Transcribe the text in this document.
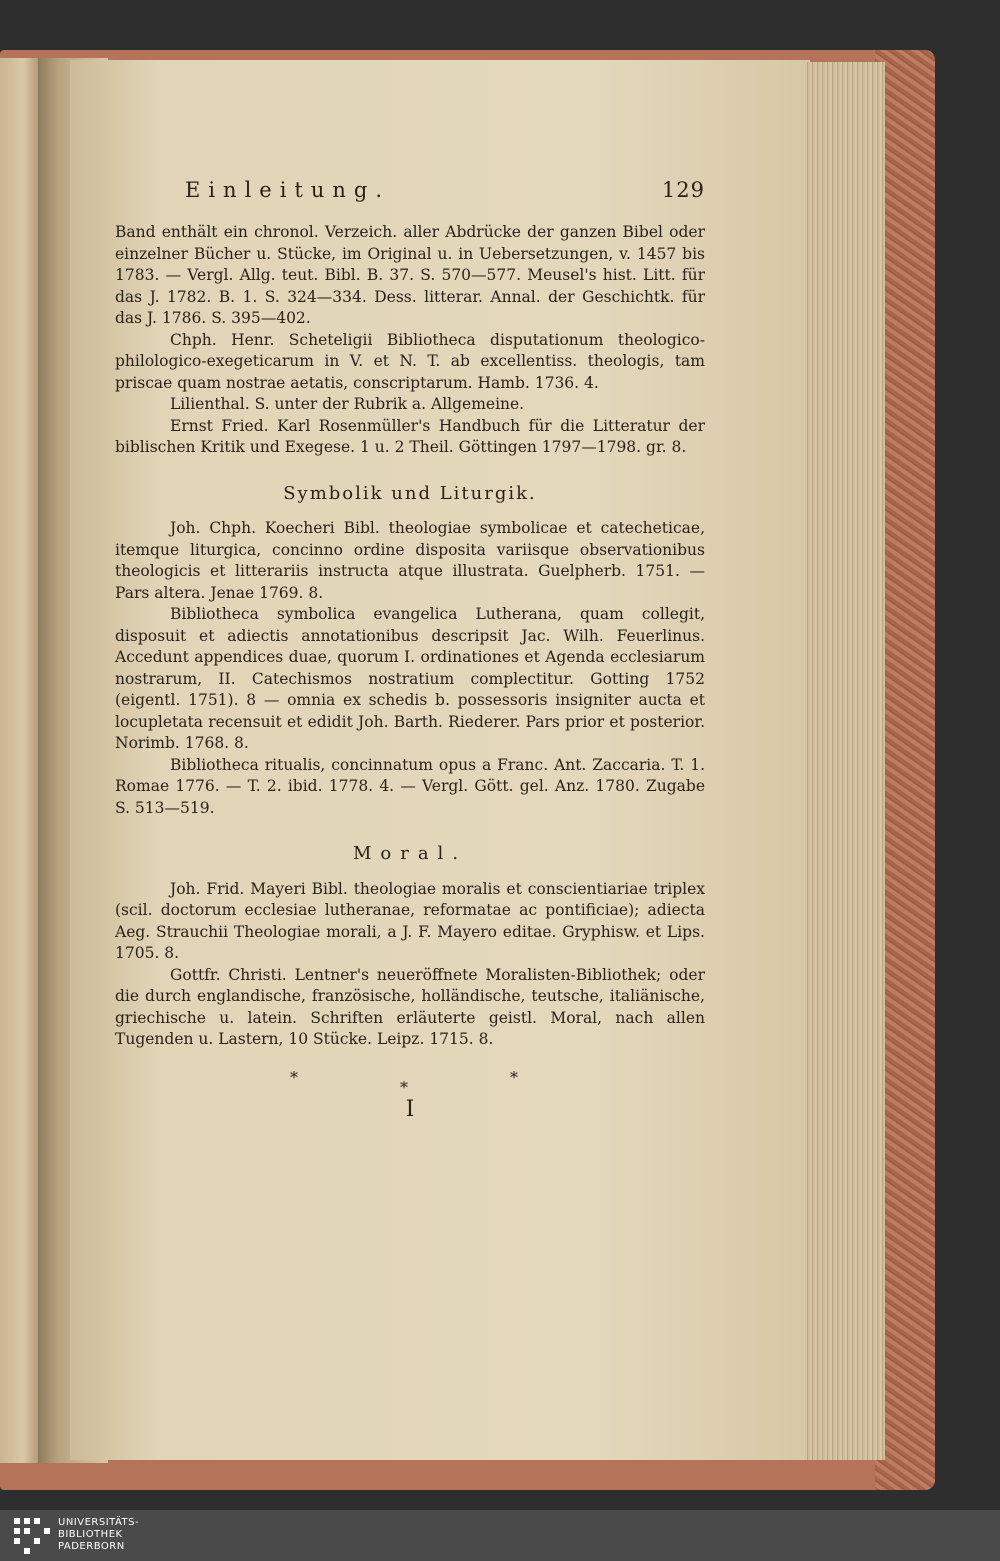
Einleitung.	129

Band enthält ein chronol. Verzeich. aller Abdrücke der ganzen Bibel oder einzelner Bücher u. Stücke, im Original u. in Uebersetzungen, v. 1457 bis 1783. — Vergl. Allg. teut. Bibl. B. 37. S. 570—577. Meusel's hist. Litt. für das J. 1782. B. 1. S. 324—334. Dess. litterar. Annal. der Geschichtk. für das J. 1786. S. 395—402.

Chph. Henr. Scheteligii Bibliotheca disputationum theologico-philologico-exegeticarum in V. et N. T. ab excellentiss. theologis, tam priscae quam nostrae aetatis, conscriptarum. Hamb. 1736. 4.

Lilienthal. S. unter der Rubrik a. Allgemeine.

Ernst Fried. Karl Rosenmüller's Handbuch für die Litteratur der biblischen Kritik und Exegese. 1 u. 2 Theil. Göttingen 1797—1798. gr. 8.

Symbolik und Liturgik.

Joh. Chph. Koecheri Bibl. theologiae symbolicae et catecheticae, itemque liturgica, concinno ordine disposita variisque observationibus theologicis et litterariis instructa atque illustrata. Guelpherb. 1751. — Pars altera. Jenae 1769. 8.

Bibliotheca symbolica evangelica Lutherana, quam collegit, disposuit et adiectis annotationibus descripsit Jac. Wilh. Feuerlinus. Accedunt appendices duae, quorum I. ordinationes et Agenda ecclesiarum nostrarum, II. Catechismos nostratium complectitur. Gotting 1752 (eigentl. 1751). 8 — omnia ex schedis b. possessoris insigniter aucta et locupletata recensuit et edidit Joh. Barth. Riederer. Pars prior et posterior. Norimb. 1768. 8.

Bibliotheca ritualis, concinnatum opus a Franc. Ant. Zaccaria. T. 1. Romae 1776. — T. 2. ibid. 1778. 4. — Vergl. Gött. gel. Anz. 1780. Zugabe S. 513—519.

Moral.

Joh. Frid. Mayeri Bibl. theologiae moralis et conscientiariae triplex (scil. doctorum ecclesiae lutheranae, reformatae ac pontificiae); adiecta Aeg. Strauchii Theologiae morali, a J. F. Mayero editae. Gryphisw. et Lips. 1705. 8.

Gottfr. Christi. Lentner's neueröffnete Moralisten-Bibliothek; oder die durch englandische, französische, holländische, teutsche, italiänische, griechische u. latein. Schriften erläuterte geistl. Moral, nach allen Tugenden u. Lastern, 10 Stücke. Leipz. 1715. 8.

*
*
*
I
UNIVERSITÄTS-
BIBLIOTHEK
PADERBORN
